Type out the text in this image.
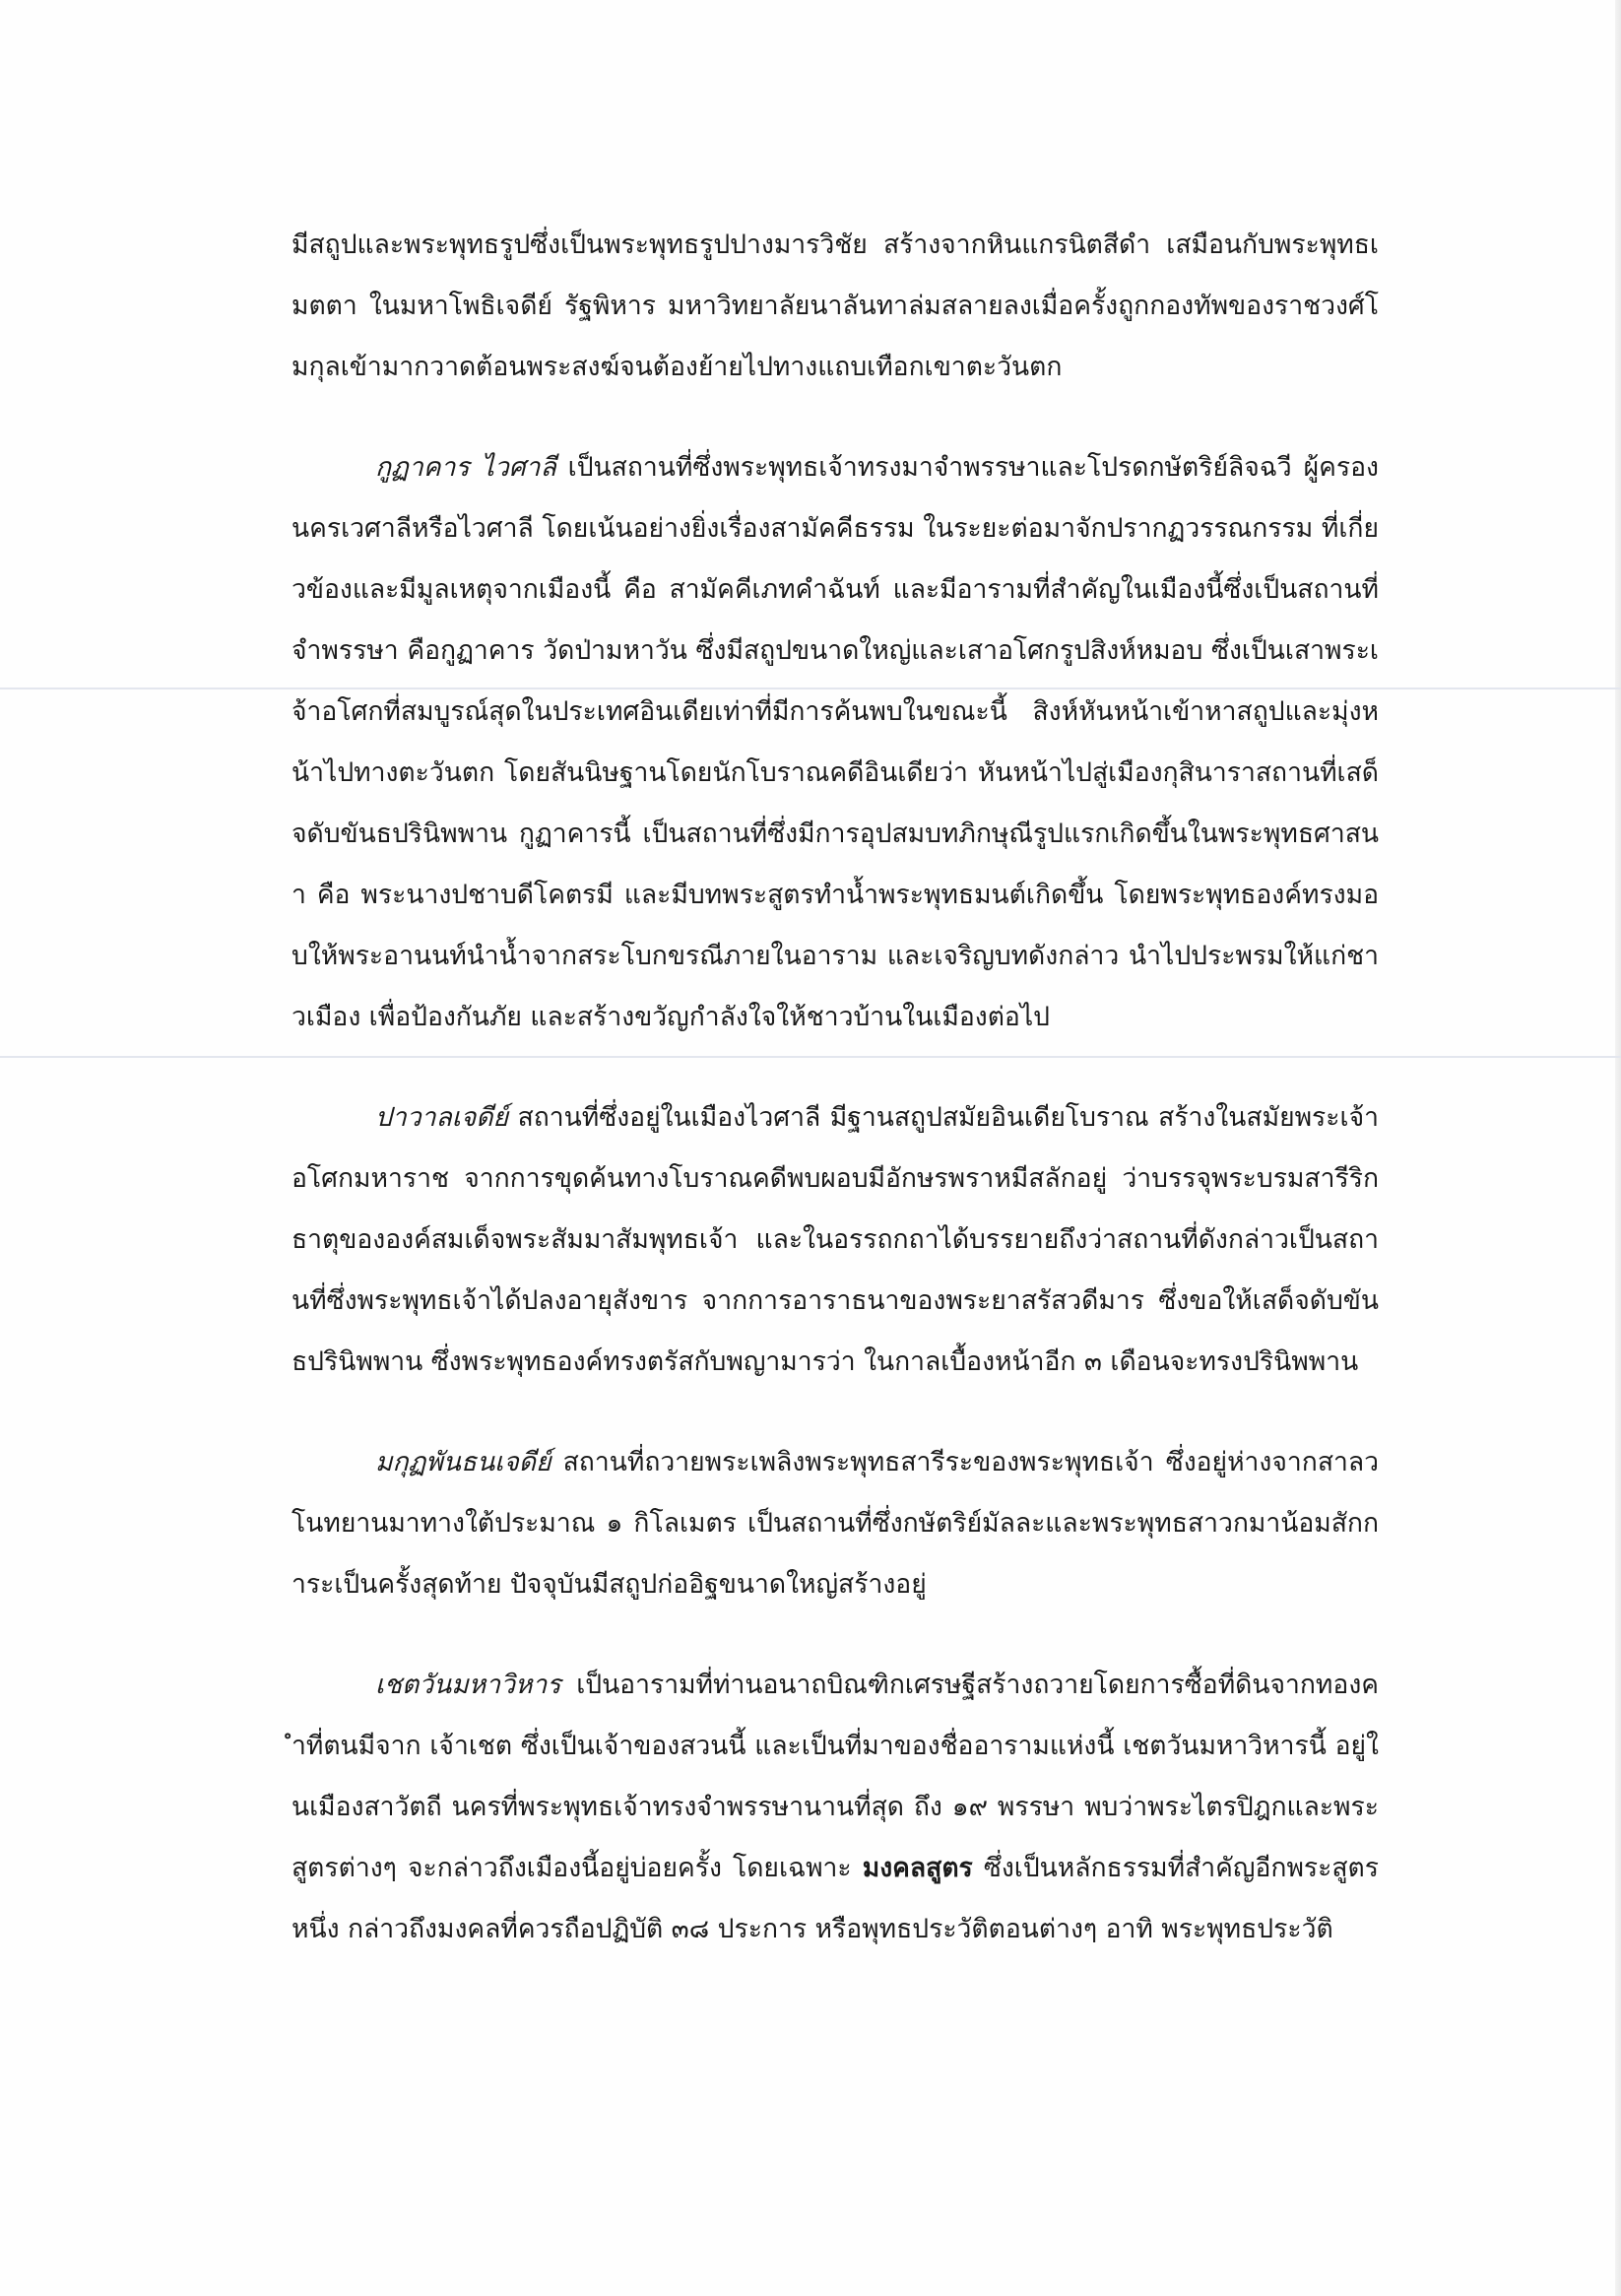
มีสถูปและพระพุทธรูปซึ่งเป็นพระพุทธรูปปางมารวิชัย สร้างจากหินแกรนิตสีดำ เสมือนกับพระพุทธเมตตา ในมหาโพธิเจดีย์ รัฐพิหาร มหาวิทยาลัยนาลันทาล่มสลายลงเมื่อครั้งถูกกองทัพของราชวงศ์โมกุลเข้ามากวาดต้อนพระสงฆ์จนต้องย้ายไปทางแถบเทือกเขาตะวันตก

กูฏาคาร ไวศาลี เป็นสถานที่ซึ่งพระพุทธเจ้าทรงมาจำพรรษาและโปรดกษัตริย์ลิจฉวี ผู้ครองนครเวศาลีหรือไวศาลี โดยเน้นอย่างยิ่งเรื่องสามัคคีธรรม ในระยะต่อมาจักปรากฏวรรณกรรม ที่เกี่ยวข้องและมีมูลเหตุจากเมืองนี้ คือ สามัคคีเภทคำฉันท์ และมีอารามที่สำคัญในเมืองนี้ซึ่งเป็นสถานที่จำพรรษา คือกูฏาคาร วัดป่ามหาวัน ซึ่งมีสถูปขนาดใหญ่และเสาอโศกรูปสิงห์หมอบ ซึ่งเป็นเสาพระเจ้าอโศกที่สมบูรณ์สุดในประเทศอินเดียเท่าที่มีการค้นพบในขณะนี้ สิงห์หันหน้าเข้าหาสถูปและมุ่งหน้าไปทางตะวันตก โดยสันนิษฐานโดยนักโบราณคดีอินเดียว่า หันหน้าไปสู่เมืองกุสินาราสถานที่เสด็จดับขันธปรินิพพาน กูฏาคารนี้ เป็นสถานที่ซึ่งมีการอุปสมบทภิกษุณีรูปแรกเกิดขึ้นในพระพุทธศาสนา คือ พระนางปชาบดีโคตรมี และมีบทพระสูตรทำน้ำพระพุทธมนต์เกิดขึ้น โดยพระพุทธองค์ทรงมอบให้พระอานนท์นำน้ำจากสระโบกขรณีภายในอาราม และเจริญบทดังกล่าว นำไปประพรมให้แก่ชาวเมือง เพื่อป้องกันภัย และสร้างขวัญกำลังใจให้ชาวบ้านในเมืองต่อไป

ปาวาลเจดีย์ สถานที่ซึ่งอยู่ในเมืองไวศาลี มีฐานสถูปสมัยอินเดียโบราณ สร้างในสมัยพระเจ้าอโศกมหาราช จากการขุดค้นทางโบราณคดีพบผอบมีอักษรพราหมีสลักอยู่ ว่าบรรจุพระบรมสารีริกธาตุขององค์สมเด็จพระสัมมาสัมพุทธเจ้า และในอรรถกถาได้บรรยายถึงว่าสถานที่ดังกล่าวเป็นสถานที่ซึ่งพระพุทธเจ้าได้ปลงอายุสังขาร จากการอาราธนาของพระยาสรัสวดีมาร ซึ่งขอให้เสด็จดับขันธปรินิพพาน ซึ่งพระพุทธองค์ทรงตรัสกับพญามารว่า ในกาลเบื้องหน้าอีก ๓ เดือนจะทรงปรินิพพาน

มกุฏพันธนเจดีย์ สถานที่ถวายพระเพลิงพระพุทธสารีระของพระพุทธเจ้า ซึ่งอยู่ห่างจากสาลวโนทยานมาทางใต้ประมาณ ๑ กิโลเมตร เป็นสถานที่ซึ่งกษัตริย์มัลละและพระพุทธสาวกมาน้อมสักการะเป็นครั้งสุดท้าย ปัจจุบันมีสถูปก่ออิฐขนาดใหญ่สร้างอยู่

เชตวันมหาวิหาร เป็นอารามที่ท่านอนาถบิณฑิกเศรษฐีสร้างถวายโดยการซื้อที่ดินจากทองคำที่ตนมีจาก เจ้าเชต ซึ่งเป็นเจ้าของสวนนี้ และเป็นที่มาของชื่ออารามแห่งนี้ เชตวันมหาวิหารนี้ อยู่ในเมืองสาวัตถี นครที่พระพุทธเจ้าทรงจำพรรษานานที่สุด ถึง ๑๙ พรรษา พบว่าพระไตรปิฎกและพระสูตรต่างๆ จะกล่าวถึงเมืองนี้อยู่บ่อยครั้ง โดยเฉพาะ มงคลสูตร ซึ่งเป็นหลักธรรมที่สำคัญอีกพระสูตรหนึ่ง กล่าวถึงมงคลที่ควรถือปฏิบัติ ๓๘ ประการ หรือพุทธประวัติตอนต่างๆ อาทิ พระพุทธประวัติ
